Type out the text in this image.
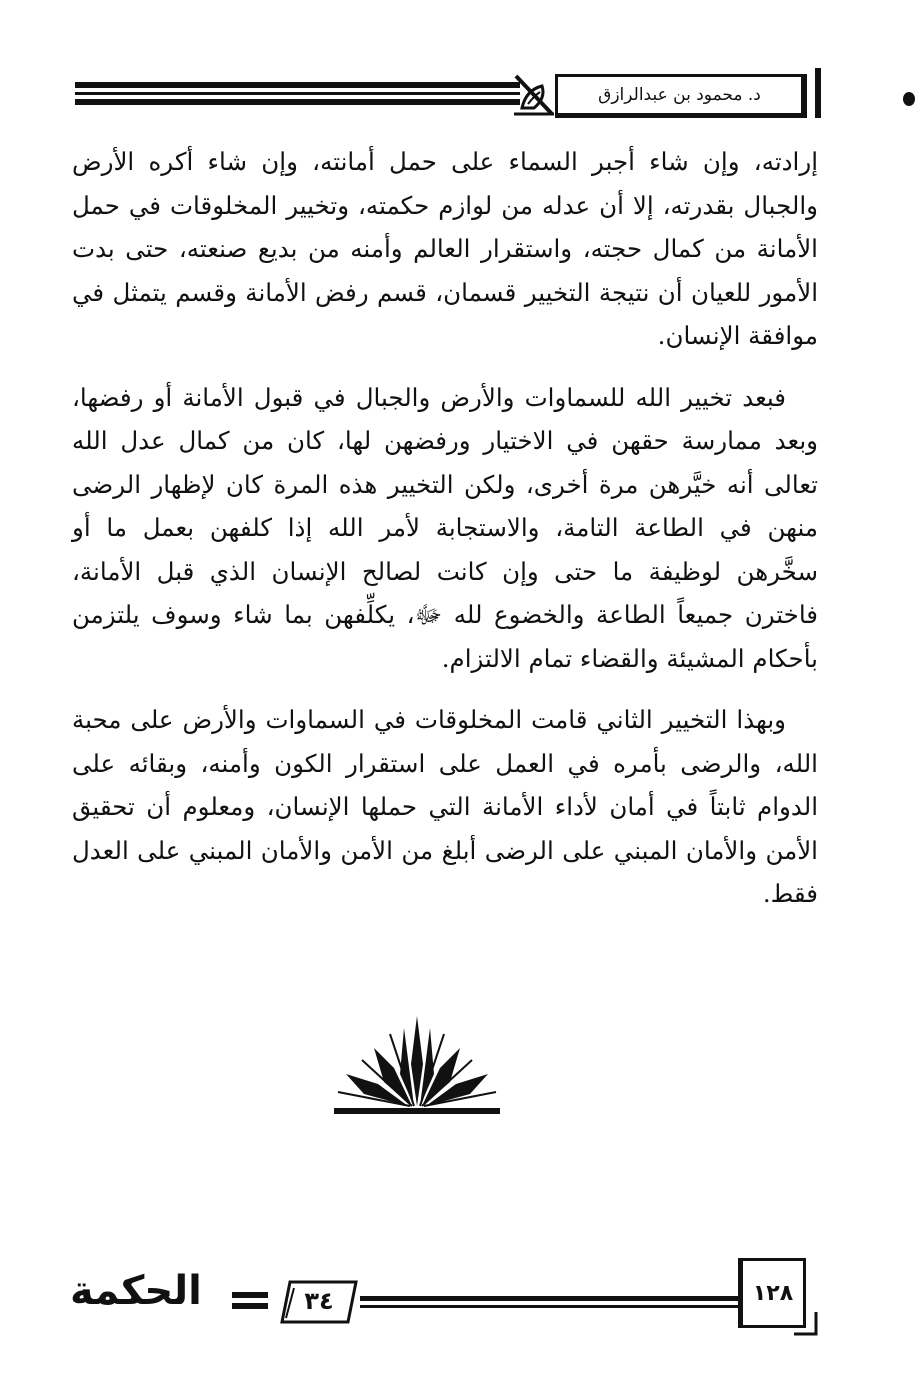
د. محمود بن عبدالرازق

إرادته، وإن شاء أجبر السماء على حمل أمانته، وإن شاء أكره الأرض والجبال بقدرته، إلا أن عدله من لوازم حكمته، وتخيير المخلوقات في حمل الأمانة من كمال حجته، واستقرار العالم وأمنه من بديع صنعته، حتى بدت الأمور للعيان أن نتيجة التخيير قسمان، قسم رفض الأمانة وقسم يتمثل في موافقة الإنسان.

فبعد تخيير الله للسماوات والأرض والجبال في قبول الأمانة أو رفضها، وبعد ممارسة حقهن في الاختيار ورفضهن لها، كان من كمال عدل الله تعالى أنه خيَّرهن مرة أخرى، ولكن التخيير هذه المرة كان لإظهار الرضى منهن في الطاعة التامة، والاستجابة لأمر الله إذا كلفهن بعمل ما أو سخَّرهن لوظيفة ما حتى وإن كانت لصالح الإنسان الذي قبل الأمانة، فاخترن جميعاً الطاعة والخضوع لله ﷻ، يكلِّفهن بما شاء وسوف يلتزمن بأحكام المشيئة والقضاء تمام الالتزام.

وبهذا التخيير الثاني قامت المخلوقات في السماوات والأرض على محبة الله، والرضى بأمره في العمل على استقرار الكون وأمنه، وبقائه على الدوام ثابتاً في أمان لأداء الأمانة التي حملها الإنسان، ومعلوم أن تحقيق الأمن والأمان المبني على الرضى أبلغ من الأمن والأمان المبني على العدل فقط.

الحكمة	٣٤	١٢٨
